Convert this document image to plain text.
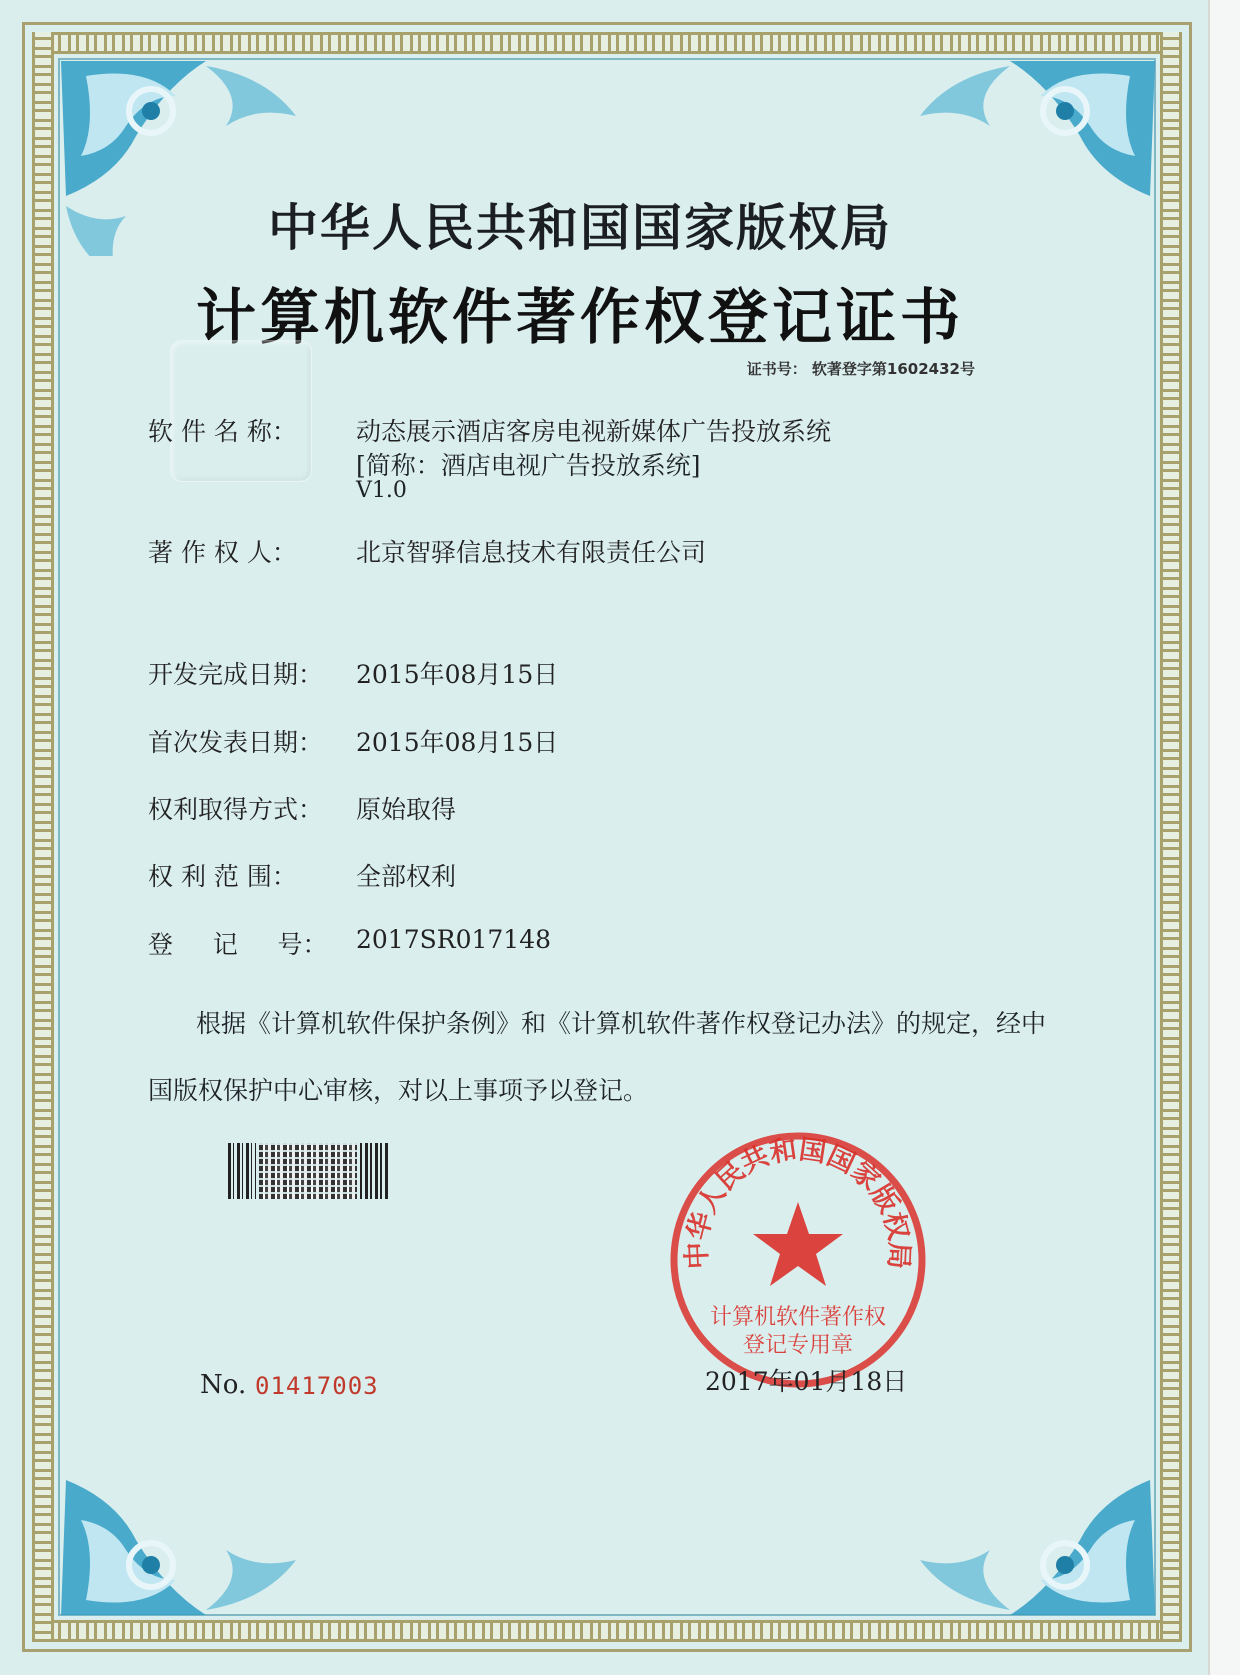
中华人民共和国国家版权局
计算机软件著作权登记证书
证书号： 软著登字第1602432号
软 件 名 称： 动态展示酒店客房电视新媒体广告投放系统
[简称：酒店电视广告投放系统]
V1.0
著 作 权 人： 北京智驿信息技术有限责任公司
开发完成日期： 2015年08月15日
首次发表日期： 2015年08月15日
权利取得方式： 原始取得
权 利 范 围： 全部权利
登     记     号： 2017SR017148
根据《计算机软件保护条例》和《计算机软件著作权登记办法》的规定，经中国版权保护中心审核，对以上事项予以登记。
No. 01417003
中华人民共和国国家版权局
计算机软件著作权
登记专用章
2017年01月18日
